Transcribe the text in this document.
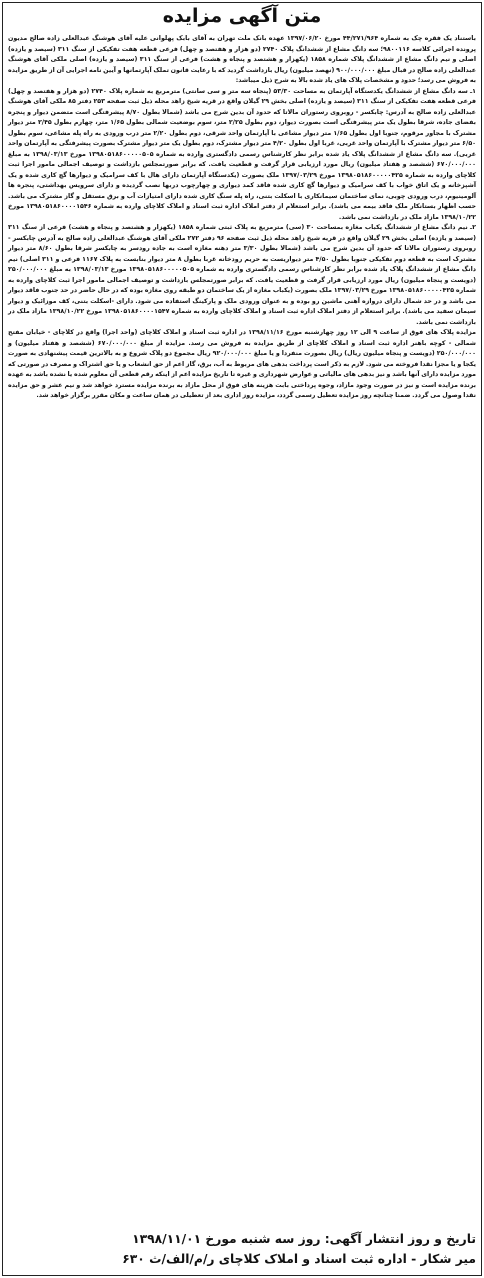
متن آگهی مزایده

باستناد یک فقره چک به شماره ۴۴/۲۷۱/۹۶۴ مورخ ۱۳۹۷/۰۶/۲۰ عهده بانک ملت تهران به آقای بابک پهلوانی علیه آقای هوشنگ عبدالعلی زاده صالح مدیون پرونده اجرائی کلاسه ۹۸۰۰۱۱۶؛ سه دانگ مشاع از ششدانگ پلاک ۲۷۴۰ (دو هزار و هفتصد و چهل) فرعی قطعه هفت تفکیکی از سنگ ۳۱۱ (سیصد و یازده) اصلی و نیم دانگ مشاع از ششدانگ پلاک شماره ۱۸۵۸ (یکهزار و هشتصد و پنجاه و هشت) فرعی از سنگ ۳۱۱ (سیصد و یازده) اصلی ملکی آقای هوشنگ عبدالعلی زاده صالح در قبال مبلغ ۹۰۰/۰۰۰/۰۰۰ (نهصد میلیون) ریال بازداشت گردید که با رعایت قانون تملک آپارتمانها و آیین نامه اجرایی آن از طریق مزایده به فروش می رسد؛ حدود و مشخصات پلاک های یاد شده بالا به شرح ذیل میباشد:

۱ـ سه دانگ مشاع از ششدانگ یکدستگاه آپارتمان به مساحت ۵۳/۳۰ (پنجاه سه متر و سی سانتی) مترمربع به شماره پلاک ۲۷۴۰ (دو هزار و هفتصد و چهل) فرعی قطعه هفت تفکیکی از سنگ ۳۱۱ (سیصد و یازده) اصلی بخش ۲۹ گیلان واقع در قریه شیخ زاهد محله ذیل ثبت صفحه ۲۵۳ دفتر ۸۵ ملکی آقای هوشنگ عبدالعلی زاده صالح به آدرس: چابکسر - روبروی رستوران مالاتا که حدود آن بدین شرح می باشد (شمالا بطول ۸/۷۰ پیشرفتگی است متضمن دیوار و پنجره بفضای جاده، شرقا بطول یک متر پیشرفتگی است بصورت دیوار، دوم بطول ۲/۲۵ متر، سوم بوضعیت شمالی بطول ۱/۶۵ متر، چهارم بطول ۲/۴۵ متر دیوار مشترک با مجاور مرقوم، جنوبا اول بطول ۱/۶۵ متر دیوار مشاعی با آپارتمان واحد شرقی، دوم بطول ۲/۲۰ متر درب ورودی به راه پله مشاعی، سوم بطول ۶/۵۰ متر دیوار مشترک با آپارتمان واحد غربی، غربا اول بطول ۴/۲۰ متر دیوار مشترک، دوم بطول یک متر دیوار مشترک بصورت پیشرفتگی به آپارتمان واحد غربی). سه دانگ مشاع از ششدانگ پلاک یاد شده برابر نظر کارشناس رسمی دادگستری وارده به شماره ۱۳۹۸۰۵۱۸۶۰۰۰۰۰۵۰۵ مورخ ۱۳۹۸/۰۳/۱۳ به مبلغ ۶۷۰/۰۰۰/۰۰۰ (ششصد و هفتاد میلیون) ریال مورد ارزیابی قرار گرفت و قطعیت یافت. که برابر صورتمجلس بازداشت و توصیف اجمالی مامور اجرا ثبت کلاچای وارده به شماره ۱۳۹۸۰۵۱۸۶۰۰۰۰۰۴۲۵ مورخ ۱۳۹۷/۰۳/۲۹ ملک بصورت (یکدستگاه آپارتمان دارای هال با کف سرامیک و دیوارها گچ کاری شده و یک آشپزخانه و یک اتاق خواب با کف سرامیک و دیوارها گچ کاری شده فاقد کمد دیواری و چهارچوب دربها نصب گردیده و دارای سرویس بهداشتی، پنجره ها آلومینیوم، درب ورودی چوبی، نمای ساختمان سیمانکاری با اسکلت بتنی، راه پله سنگ کاری شده دارای امتیازات آب و برق مستقل و گاز مشترک می باشد. حسب اظهار بستانکار ملک فاقد بیمه می باشد). برابر استعلام از دفتر املاک اداره ثبت اسناد و املاک کلاچای وارده به شماره ۱۳۹۸۰۵۱۸۶۰۰۰۰۱۵۴۶ مورخ ۱۳۹۸/۱۰/۲۲ مازاد ملک در بازداشت نمی باشد.

۲ـ نیم دانگ مشاع از ششدانگ یکباب مغازه بمساحت ۳۰ (سی) مترمربع به پلاک ثبتی شماره ۱۸۵۸ (یکهزار و هشتصد و پنجاه و هشت) فرعی از سنگ ۳۱۱ (سیصد و یازده) اصلی بخش ۲۹ گیلان واقع در قریه شیخ زاهد محله ذیل ثبت صفحه ۹۶ دفتر ۲۷۲ ملکی آقای هوشنگ عبدالعلی زاده صالح به آدرس چابکسر - روبروی رستوران مالاتا که حدود آن بدین شرح می باشد (شمالا بطول ۳/۳۰ متر دهنه مغازه است به جاده رودسر به چابکسر شرقا بطول ۸/۶۰ متر دیوار مشترک است به قطعه دوم تفکیکی جنوبا بطول ۴/۵۰ متر دیواریست به حریم رودخانه غربا بطول ۸ متر دیوار بنابست به پلاک ۱۱۶۷ فرعی و ۳۱۱ اصلی) نیم دانگ مشاع از ششدانگ پلاک یاد شده برابر نظر کارشناس رسمی دادگستری وارده به شماره ۱۳۹۸۰۵۱۸۶۰۰۰۰۰۵۰۵ مورخ ۱۳۹۸/۰۳/۱۳ به مبلغ ۲۵۰/۰۰۰/۰۰۰ (دویست و پنجاه میلیون) ریال مورد ارزیابی قرار گرفت و قطعیت یافت. که برابر صورتمجلس بازداشت و توصیف اجمالی مامور اجرا ثبت کلاچای وارده به شماره ۱۳۹۸۰۵۱۸۶۰۰۰۰۰۴۲۵ مورخ ۱۳۹۷/۰۳/۲۹ ملک بصورت (یکباب مغازه از یک ساختمان دو طبقه روی مغازه بوده که در حال حاضر در حد جنوب فاقد دیوار می باشد و در حد شمال دارای دروازه آهنی ماشین رو بوده و به عنوان ورودی ملک و پارکینگ استفاده می شود. دارای -اسکلت بتنی، کف موزائیک و دیوار سیمان سفید می باشد). برابر استعلام از دفتر املاک اداره ثبت اسناد و املاک کلاچای وارده به شماره ۱۳۹۸۰۵۱۸۶۰۰۰۰۱۵۴۷ مورخ ۱۳۹۸/۱۰/۲۲ مازاد ملک در بازداشت نمی باشد.

مزایده پلاک های فوق از ساعت ۹ الی ۱۲ روز چهارشنبه مورخ ۱۳۹۸/۱۱/۱۶ در اداره ثبت اسناد و املاک کلاچای (واحد اجرا) واقع در کلاچای - خیابان مفتح شمالی - کوچه باهنر اداره ثبت اسناد و املاک کلاچای از طریق مزایده به فروش می رسد. مزایده از مبلغ ۶۷۰/۰۰۰/۰۰۰ (ششصد و هفتاد میلیون) و ۲۵۰/۰۰۰/۰۰۰ (دویست و پنجاه میلیون ریال) ریال بصورت منفردا و یا مبلغ ۹۲۰/۰۰۰/۰۰۰ ریال مجموع دو پلاک شروع و به بالاترین قیمت پیشنهادی به صورت یکجا و یا مجزا نقدا فروخته می شود. لازم به ذکر است پرداخت بدهی های مربوط به آب، برق، گاز اعم از حق انشعاب و یا حق اشتراک و مصرف در صورتی که مورد مزایده دارای آنها باشد و نیز بدهی های مالیاتی و عوارض شهرداری و غیره تا تاریخ مزایده اعم از اینکه رقم قطعی آن معلوم شده یا نشده باشد به عهده برنده مزایده است و نیز در صورت وجود مازاد، وجوه پرداختی بابت هزینه های فوق از محل مازاد به برنده مزایده مسترد خواهد شد و نیم عشر و حق مزایده نقدا وصول می گردد. ضمنا چنانچه روز مزایده تعطیل رسمی گردد، مزایده روز اداری بعد از تعطیلی در همان ساعت و مکان مقرر برگزار خواهد شد.

تاریخ و روز انتشار آگهی: روز سه شنبه مورخ ۱۳۹۸/۱۱/۰۱
میر شکار - اداره ثبت اسناد و املاک کلاچای ر/م/الف/ث ۶۳۰
